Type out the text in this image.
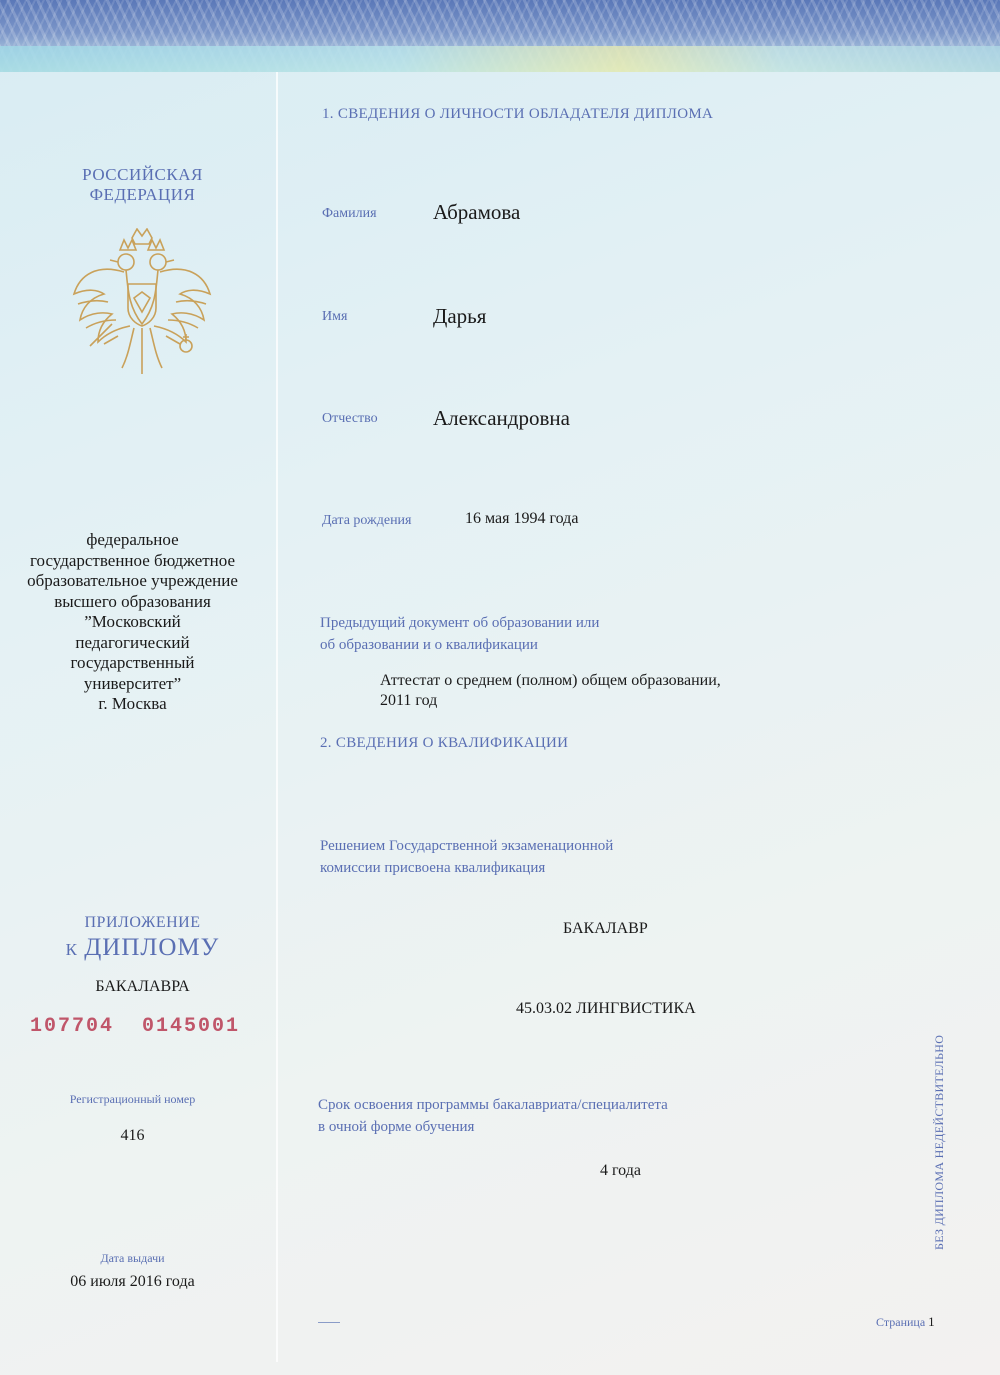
РОССИЙСКАЯ
ФЕДЕРАЦИЯ
федеральное
государственное бюджетное
образовательное учреждение
высшего образования
”Московский
педагогический
государственный
университет”
г. Москва
ПРИЛОЖЕНИЕ
К ДИПЛОМУ
БАКАЛАВРА
107704  0145001
Регистрационный номер
416
Дата выдачи
06 июля 2016 года
1. СВЕДЕНИЯ О ЛИЧНОСТИ ОБЛАДАТЕЛЯ ДИПЛОМА
Фамилия	Абрамова
Имя	Дарья
Отчество	Александровна
Дата рождения	16 мая 1994 года
Предыдущий документ об образовании или
об образовании и о квалификации
Аттестат о среднем (полном) общем образовании,
2011 год
2. СВЕДЕНИЯ О КВАЛИФИКАЦИИ
Решением Государственной экзаменационной
комиссии присвоена квалификация
БАКАЛАВР
45.03.02 ЛИНГВИСТИКА
Срок освоения программы бакалавриата/специалитета
в очной форме обучения
4 года	БЕЗ ДИПЛОМА НЕДЕЙСТВИТЕЛЬНО
Страница 1
